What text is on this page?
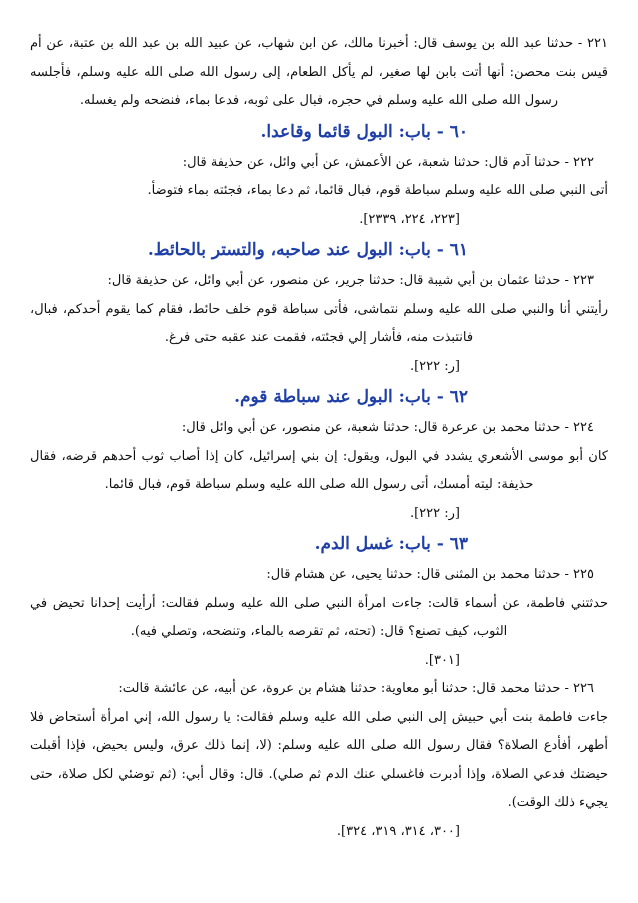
٢٢١ - حدثنا عبد الله بن يوسف قال: أخبرنا مالك، عن ابن شهاب، عن عبيد الله بن عبد الله بن عتبة، عن أم قيس بنت محصن: أنها أتت بابن لها صغير، لم يأكل الطعام، إلى رسول الله صلى الله عليه وسلم، فأجلسه رسول الله صلى الله عليه وسلم في حجره، فبال على ثوبه، فدعا بماء، فنضحه ولم يغسله.

٦٠ - باب: البول قائما وقاعدا.

٢٢٢ - حدثنا آدم قال: حدثنا شعبة، عن الأعمش، عن أبي وائل، عن حذيفة قال:

أتى النبي صلى الله عليه وسلم سباطة قوم، فبال قائما، ثم دعا بماء، فجئته بماء فتوضأ.

[٢٢٣، ٢٢٤، ٢٣٣٩].

٦١ - باب: البول عند صاحبه، والتستر بالحائط.

٢٢٣ - حدثنا عثمان بن أبي شيبة قال: حدثنا جرير، عن منصور، عن أبي وائل، عن حذيفة قال:

رأيتني أنا والنبي صلى الله عليه وسلم نتماشى، فأتى سباطة قوم خلف حائط، فقام كما يقوم أحدكم، فبال، فانتبذت منه، فأشار إلي فجئته، فقمت عند عقبه حتى فرغ.

[ر: ٢٢٢].

٦٢ - باب: البول عند سباطة قوم.

٢٢٤ - حدثنا محمد بن عرعرة قال: حدثنا شعبة، عن منصور، عن أبي وائل قال:

كان أبو موسى الأشعري يشدد في البول، ويقول: إن بني إسرائيل، كان إذا أصاب ثوب أحدهم قرضه، فقال حذيفة: ليته أمسك، أتى رسول الله صلى الله عليه وسلم سباطة قوم، فبال قائما.

[ر: ٢٢٢].

٦٣ - باب: غسل الدم.

٢٢٥ - حدثنا محمد بن المثنى قال: حدثنا يحيى، عن هشام قال:

حدثتني فاطمة، عن أسماء قالت: جاءت امرأة النبي صلى الله عليه وسلم فقالت: أرأيت إحدانا تحيض في الثوب، كيف تصنع؟ قال: (تحته، ثم تقرصه بالماء، وتنضحه، وتصلي فيه).

[٣٠١].

٢٢٦ - حدثنا محمد قال: حدثنا أبو معاوية: حدثنا هشام بن عروة، عن أبيه، عن عائشة قالت:

جاءت فاطمة بنت أبي حبيش إلى النبي صلى الله عليه وسلم فقالت: يا رسول الله، إني امرأة أستحاض فلا أطهر، أفأدع الصلاة؟ فقال رسول الله صلى الله عليه وسلم: (لا، إنما ذلك عرق، وليس بحيض، فإذا أقبلت حيضتك فدعي الصلاة، وإذا أدبرت فاغسلي عنك الدم ثم صلي). قال: وقال أبي: (ثم توضئي لكل صلاة، حتى يجيء ذلك الوقت).

[٣٠٠، ٣١٤، ٣١٩، ٣٢٤].
